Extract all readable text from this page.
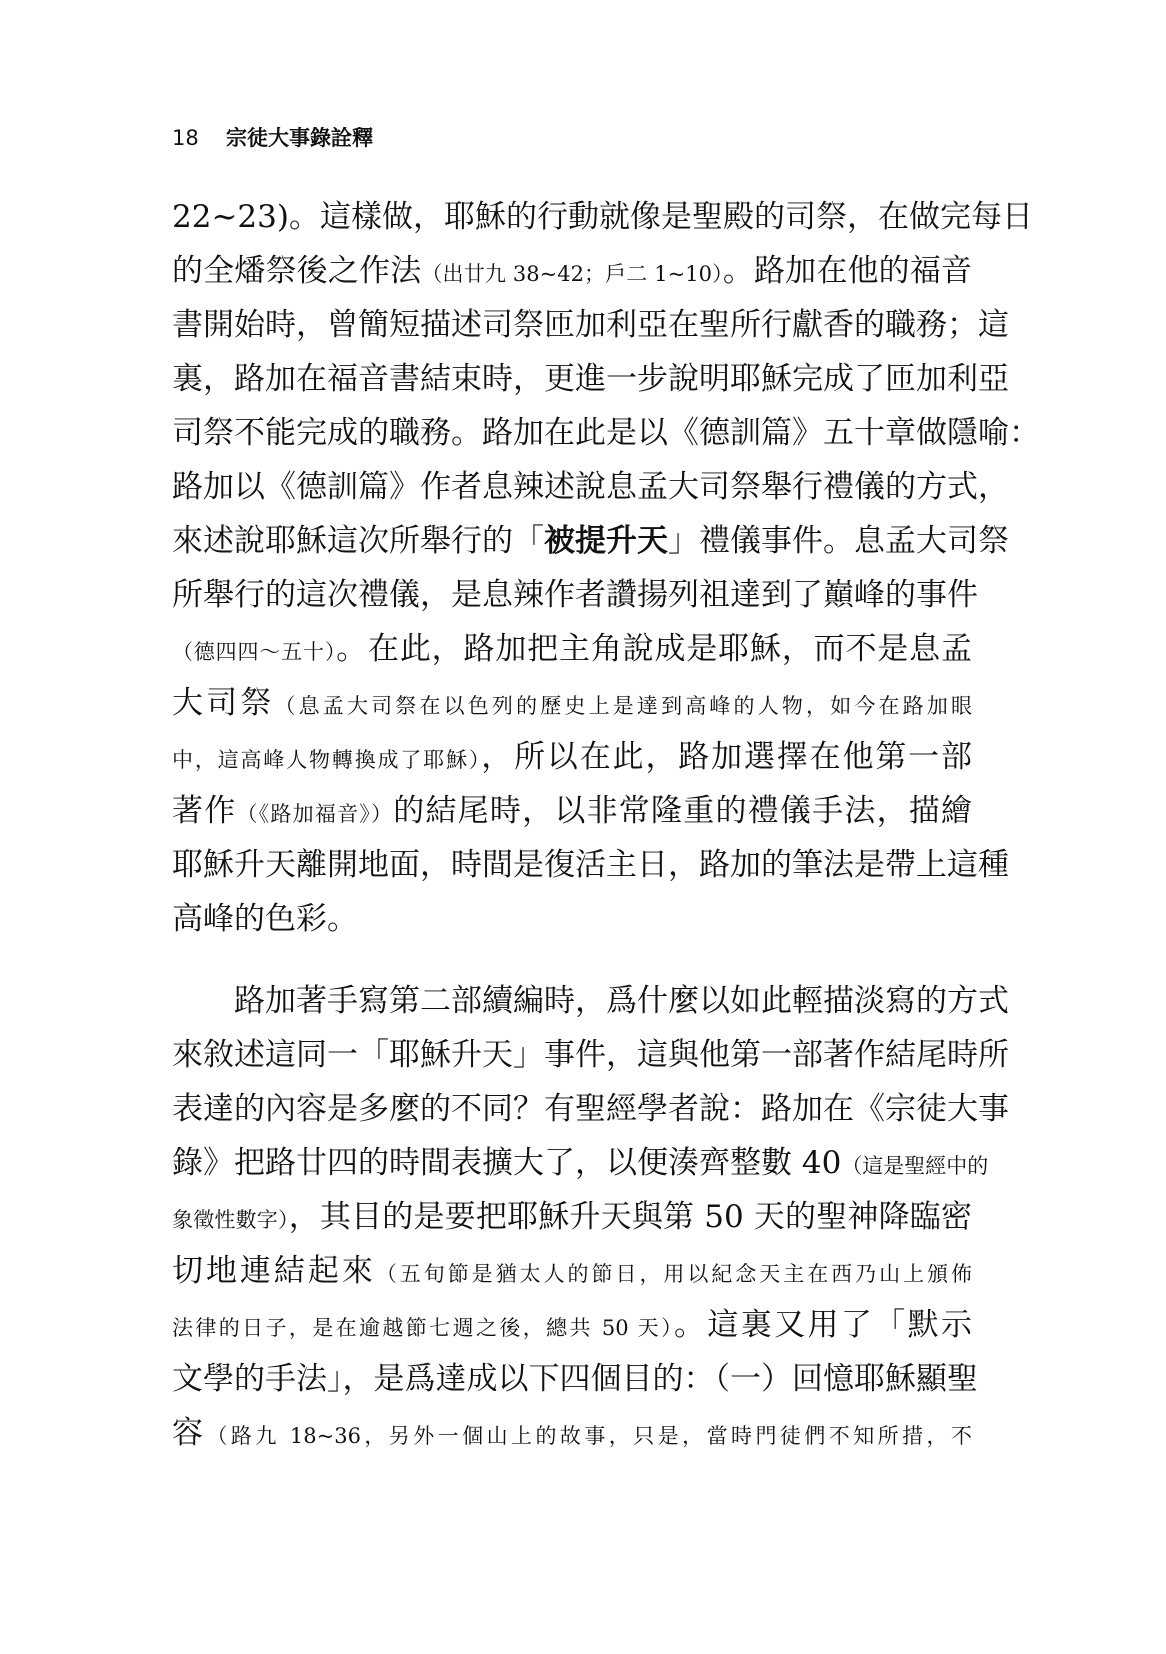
18 宗徒大事錄詮釋
22~23)。這樣做，耶穌的行動就像是聖殿的司祭，在做完每日
的全燔祭後之作法（出廿九 38~42；戶二 1~10）。路加在他的福音
書開始時，曾簡短描述司祭匝加利亞在聖所行獻香的職務；這
裏，路加在福音書結束時，更進一步說明耶穌完成了匝加利亞
司祭不能完成的職務。路加在此是以《德訓篇》五十章做隱喻：
路加以《德訓篇》作者息辣述說息孟大司祭舉行禮儀的方式，
來述說耶穌這次所舉行的「被提升天」禮儀事件。息孟大司祭
所舉行的這次禮儀，是息辣作者讚揚列祖達到了巔峰的事件
（德四四～五十）。在此，路加把主角說成是耶穌，而不是息孟
大司祭（息孟大司祭在以色列的歷史上是達到高峰的人物，如今在路加眼
中，這高峰人物轉換成了耶穌），所以在此，路加選擇在他第一部
著作（《路加福音》）的結尾時，以非常隆重的禮儀手法，描繪
耶穌升天離開地面，時間是復活主日，路加的筆法是帶上這種
高峰的色彩。
路加著手寫第二部續編時，爲什麼以如此輕描淡寫的方式
來敘述這同一「耶穌升天」事件，這與他第一部著作結尾時所
表達的內容是多麼的不同？有聖經學者說：路加在《宗徒大事
錄》把路廿四的時間表擴大了，以便湊齊整數 40（這是聖經中的
象徵性數字），其目的是要把耶穌升天與第 50 天的聖神降臨密
切地連結起來（五旬節是猶太人的節日，用以紀念天主在西乃山上頒佈
法律的日子，是在逾越節七週之後，總共 50 天）。這裏又用了「默示
文學的手法」，是爲達成以下四個目的：（一）回憶耶穌顯聖
容（路九 18~36，另外一個山上的故事，只是，當時門徒們不知所措，不
